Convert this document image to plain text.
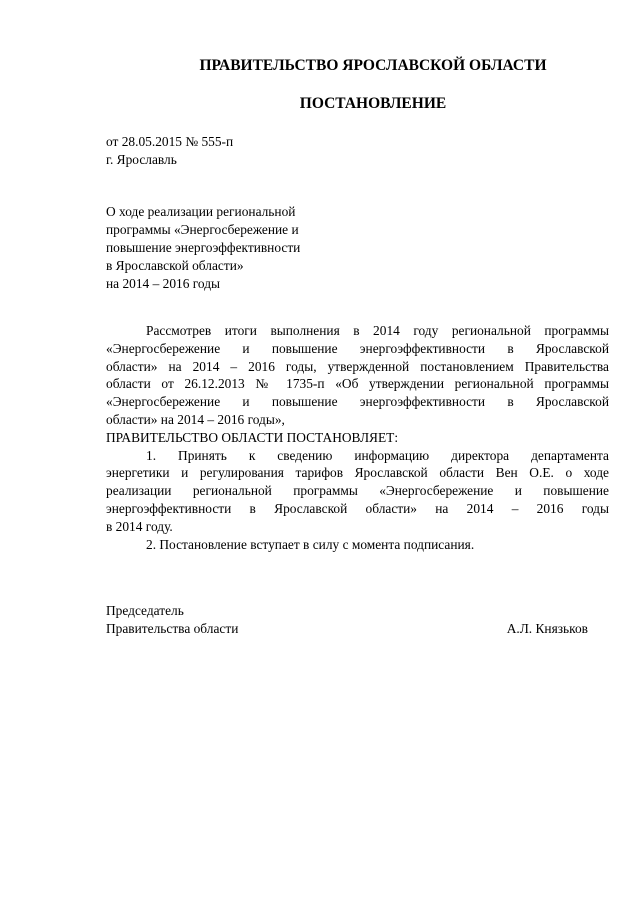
ПРАВИТЕЛЬСТВО ЯРОСЛАВСКОЙ ОБЛАСТИ
ПОСТАНОВЛЕНИЕ
от 28.05.2015 № 555-п
г. Ярославль
О ходе реализации региональной
программы «Энергосбережение и
повышение энергоэффективности
в Ярославской области»
на 2014 – 2016 годы
Рассмотрев итоги выполнения в 2014 году региональной программы
«Энергосбережение и повышение энергоэффективности в Ярославской
области» на 2014 – 2016 годы, утвержденной постановлением Правительства
области от 26.12.2013 № 1735-п «Об утверждении региональной программы
«Энергосбережение и повышение энергоэффективности в Ярославской
области» на 2014 – 2016 годы»,
ПРАВИТЕЛЬСТВО ОБЛАСТИ ПОСТАНОВЛЯЕТ:
1. Принять к сведению информацию директора департамента
энергетики и регулирования тарифов Ярославской области Вен О.Е. о ходе
реализации региональной программы «Энергосбережение и повышение
энергоэффективности в Ярославской области» на 2014 – 2016 годы
в 2014 году.
2. Постановление вступает в силу с момента подписания.
Председатель
Правительства области	А.Л. Князьков
